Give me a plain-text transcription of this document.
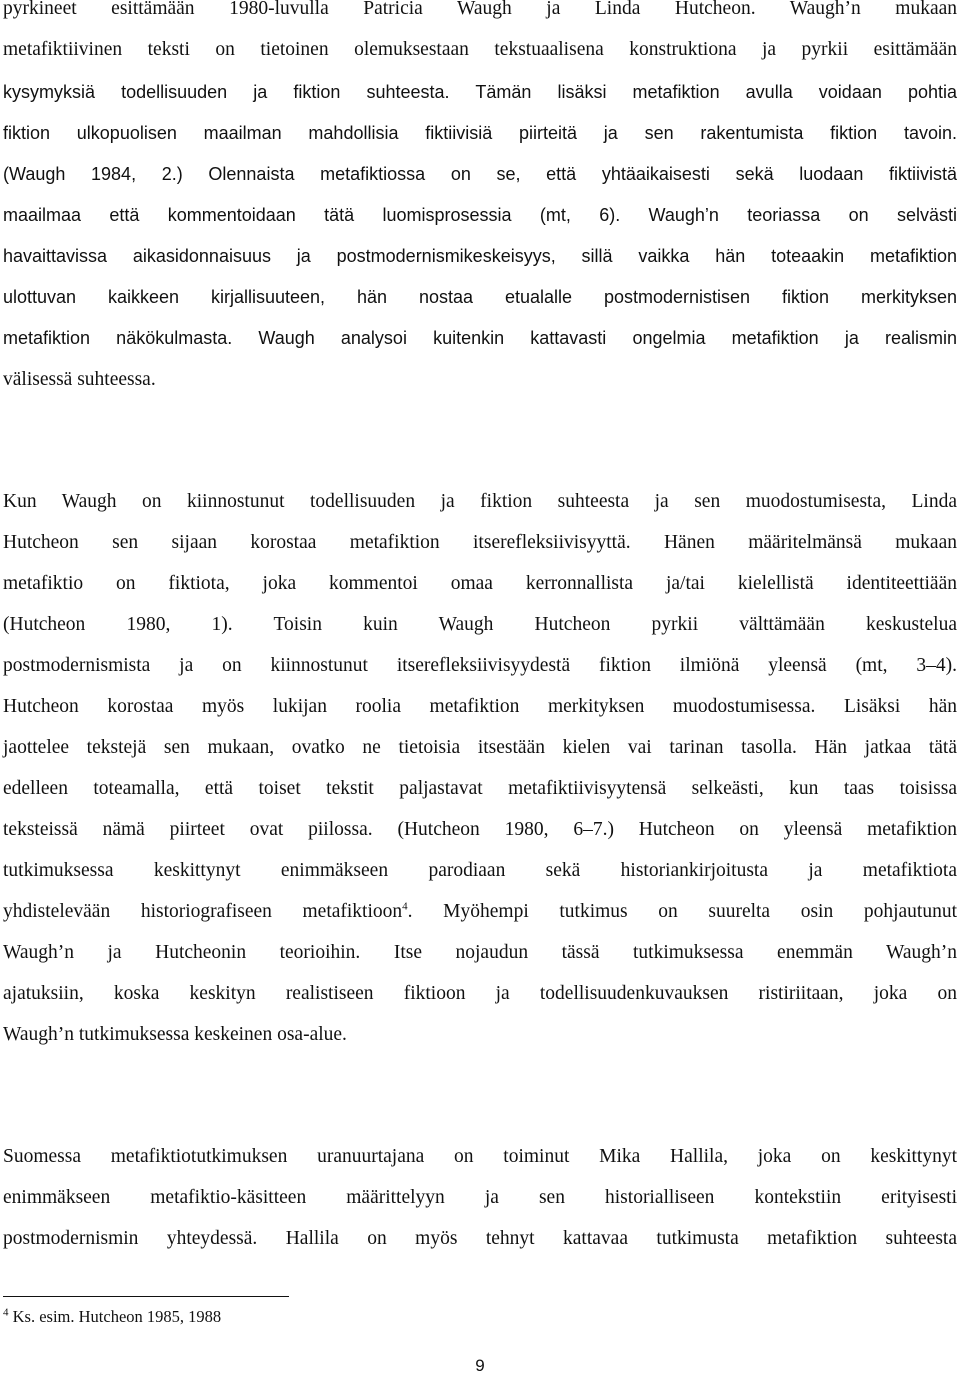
pyrkineet esittämään 1980-luvulla Patricia Waugh ja Linda Hutcheon. Waugh’n mukaan
metafiktiivinen teksti on tietoinen olemuksestaan tekstuaalisena konstruktiona ja pyrkii esittämään
kysymyksiä todellisuuden ja fiktion suhteesta. Tämän lisäksi metafiktion avulla voidaan pohtia
fiktion ulkopuolisen maailman mahdollisia fiktiivisiä piirteitä ja sen rakentumista fiktion tavoin.
(Waugh 1984, 2.) Olennaista metafiktiossa on se, että yhtäaikaisesti sekä luodaan fiktiivistä
maailmaa että kommentoidaan tätä luomisprosessia (mt, 6). Waugh’n teoriassa on selvästi
havaittavissa aikasidonnaisuus ja postmodernismikeskeisyys, sillä vaikka hän toteaakin metafiktion
ulottuvan kaikkeen kirjallisuuteen, hän nostaa etualalle postmodernistisen fiktion merkityksen
metafiktion näkökulmasta. Waugh analysoi kuitenkin kattavasti ongelmia metafiktion ja realismin
välisessä suhteessa.
Kun Waugh on kiinnostunut todellisuuden ja fiktion suhteesta ja sen muodostumisesta, Linda
Hutcheon sen sijaan korostaa metafiktion itserefleksiivisyyttä. Hänen määritelmänsä mukaan
metafiktio on fiktiota, joka kommentoi omaa kerronnallista ja/tai kielellistä identiteettiään
(Hutcheon 1980, 1). Toisin kuin Waugh Hutcheon pyrkii välttämään keskustelua
postmodernismista ja on kiinnostunut itserefleksiivisyydestä fiktion ilmiönä yleensä (mt, 3–4).
Hutcheon korostaa myös lukijan roolia metafiktion merkityksen muodostumisessa. Lisäksi hän
jaottelee tekstejä sen mukaan, ovatko ne tietoisia itsestään kielen vai tarinan tasolla. Hän jatkaa tätä
edelleen toteamalla, että toiset tekstit paljastavat metafiktiivisyytensä selkeästi, kun taas toisissa
teksteissä nämä piirteet ovat piilossa. (Hutcheon 1980, 6–7.) Hutcheon on yleensä metafiktion
tutkimuksessa keskittynyt enimmäkseen parodiaan sekä historiankirjoitusta ja metafiktiota
yhdistelevään historiografiseen metafiktioon$^4$. Myöhempi tutkimus on suurelta osin pohjautunut
Waugh’n ja Hutcheonin teorioihin. Itse nojaudun tässä tutkimuksessa enemmän Waugh’n
ajatuksiin, koska keskityn realistiseen fiktioon ja todellisuudenkuvauksen ristiriitaan, joka on
Waugh’n tutkimuksessa keskeinen osa-alue.
Suomessa metafiktiotutkimuksen uranuurtajana on toiminut Mika Hallila, joka on keskittynyt
enimmäkseen metafiktio-käsitteen määrittelyyn ja sen historialliseen kontekstiin erityisesti
postmodernismin yhteydessä. Hallila on myös tehnyt kattavaa tutkimusta metafiktion suhteesta
$^4$ Ks. esim. Hutcheon 1985, 1988
9
